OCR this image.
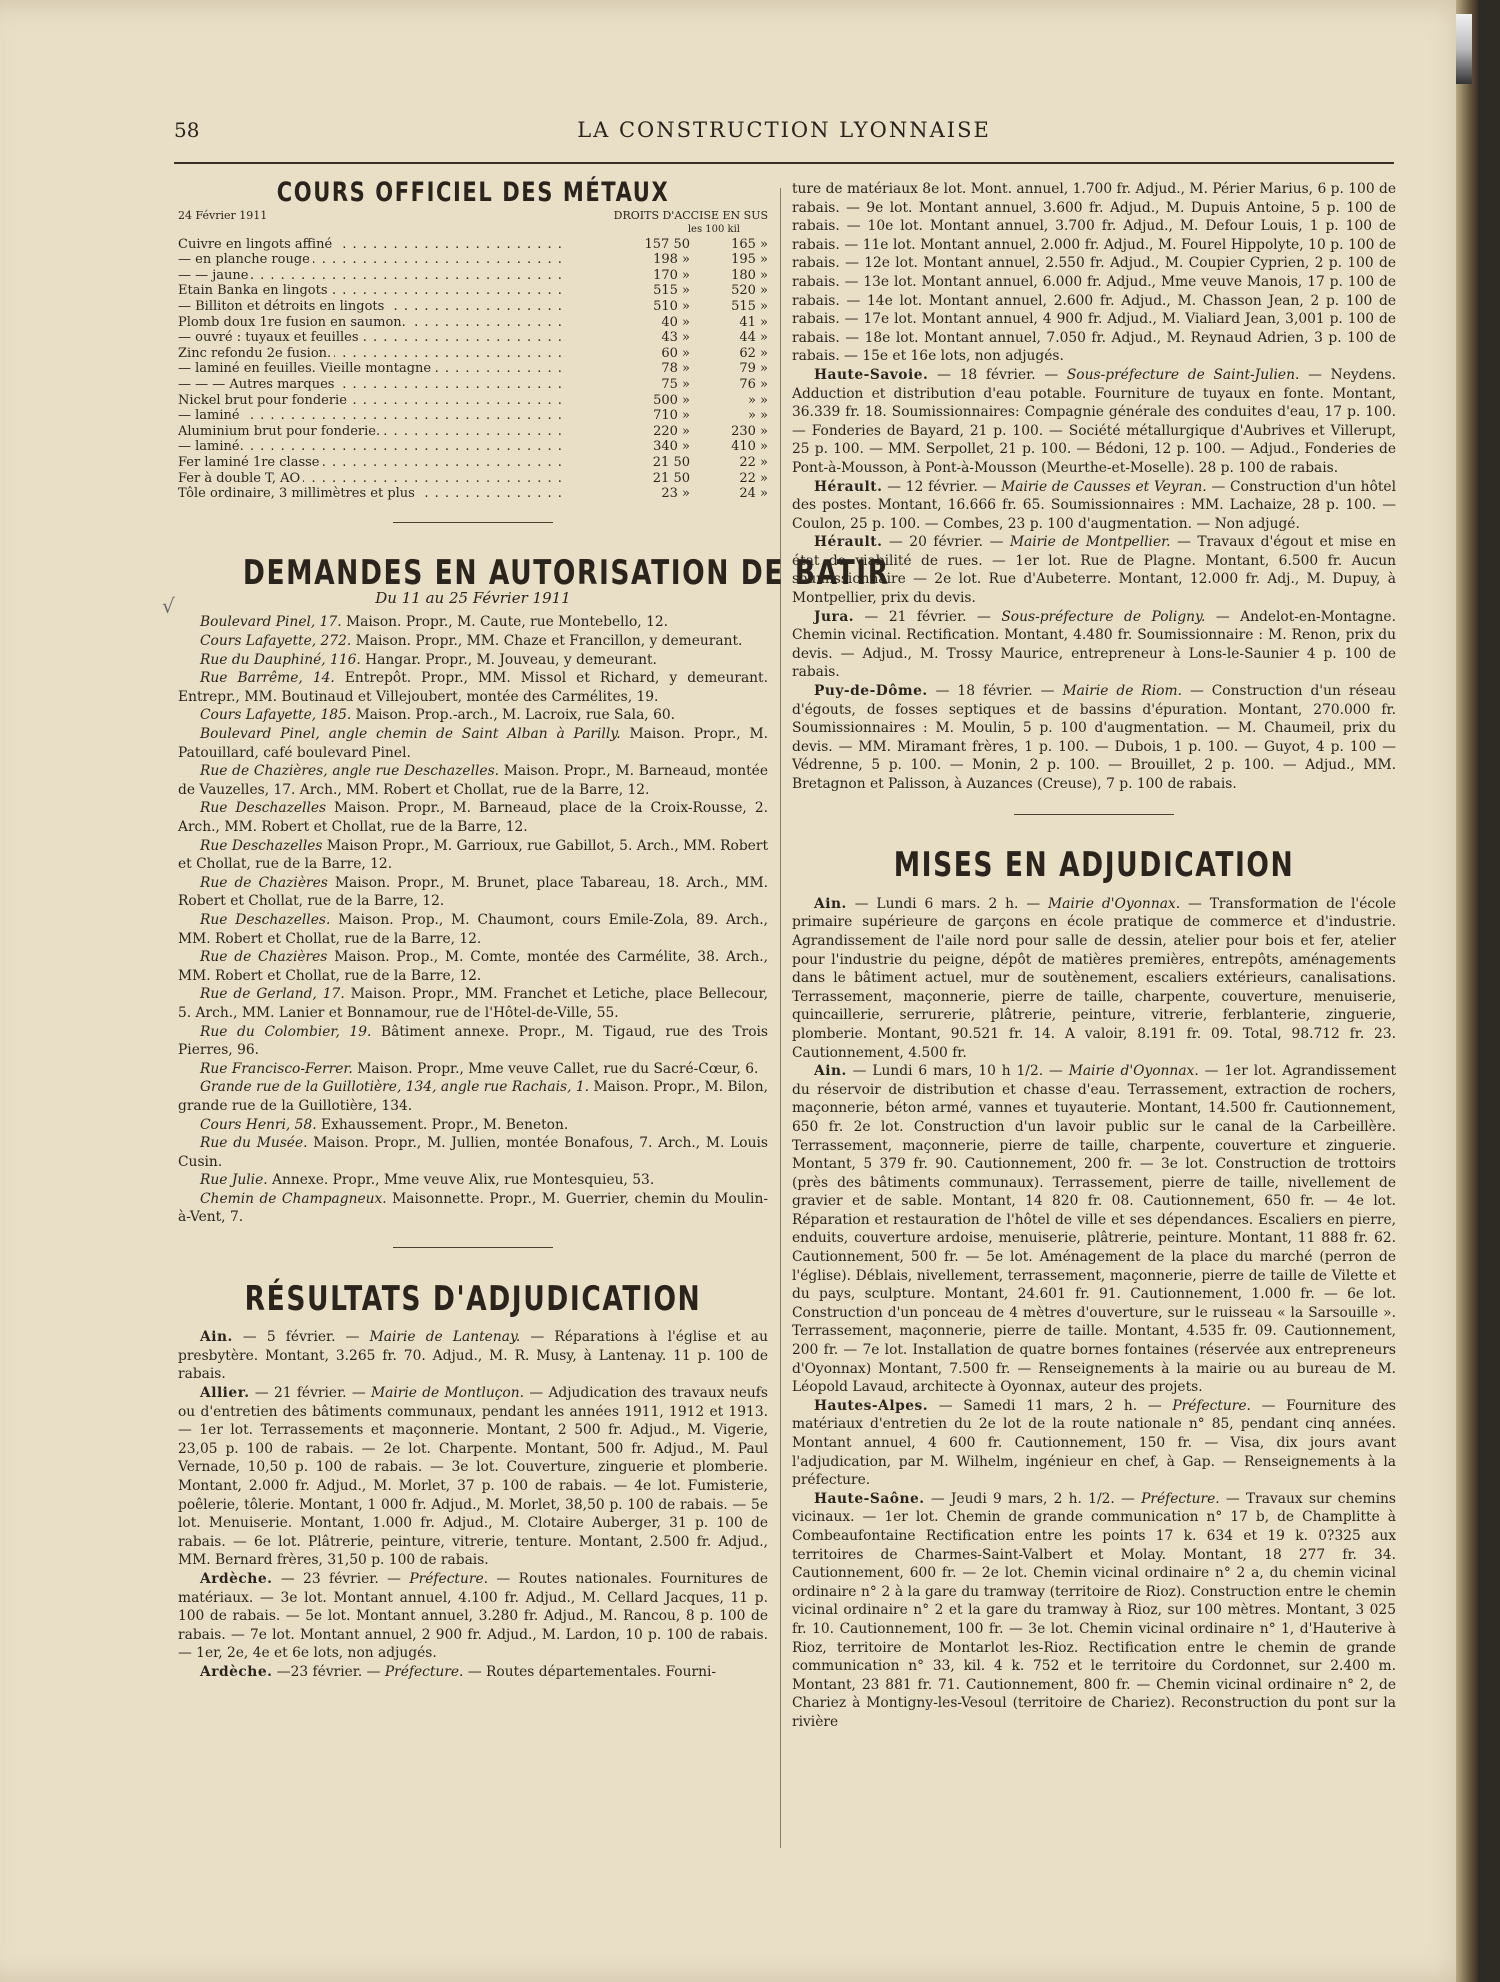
58	LA CONSTRUCTION LYONNAISE
√
COURS OFFICIEL DES MÉTAUX
24 Février 1911	DROITS D'ACCISE EN SUS
les 100 kil
Cuivre en lingots affiné . . .	157 50	165 »
— en planche rouge . . .	198 »	195 »
— — jaune . . .	170 »	180 »
Etain Banka en lingots . . .	515 »	520 »
— Billiton et détroits en lingots . . .	510 »	515 »
Plomb doux 1re fusion en saumon. . . .	40 »	41 »
— ouvré : tuyaux et feuilles . . .	43 »	44 »
Zinc refondu 2e fusion. . . .	60 »	62 »
— laminé en feuilles. Vieille montagne . . .	78 »	79 »
— — — Autres marques . . .	75 »	76 »
Nickel brut pour fonderie . . .	500 »	» »
— laminé . . .	710 »	» »
Aluminium brut pour fonderie. . . .	220 »	230 »
— laminé. . . .	340 »	410 »
Fer laminé 1re classe . . .	21 50	22 »
Fer à double T, AO . . .	21 50	22 »
Tôle ordinaire, 3 millimètres et plus . . .	23 »	24 »
DEMANDES EN AUTORISATION DE BATIR
Du 11 au 25 Février 1911

Boulevard Pinel, 17. Maison. Propr., M. Caute, rue Montebello, 12.

Cours Lafayette, 272. Maison. Propr., MM. Chaze et Francillon, y demeurant.

Rue du Dauphiné, 116. Hangar. Propr., M. Jouveau, y demeurant.

Rue Barrême, 14. Entrepôt. Propr., MM. Missol et Richard, y demeurant. Entrepr., MM. Boutinaud et Villejoubert, montée des Carmélites, 19.

Cours Lafayette, 185. Maison. Prop.-arch., M. Lacroix, rue Sala, 60.

Boulevard Pinel, angle chemin de Saint Alban à Parilly. Maison. Propr., M. Patouillard, café boulevard Pinel.

Rue de Chazières, angle rue Deschazelles. Maison. Propr., M. Barneaud, montée de Vauzelles, 17. Arch., MM. Robert et Chollat, rue de la Barre, 12.

Rue Deschazelles Maison. Propr., M. Barneaud, place de la Croix-Rousse, 2. Arch., MM. Robert et Chollat, rue de la Barre, 12.

Rue Deschazelles Maison Propr., M. Garrioux, rue Gabillot, 5. Arch., MM. Robert et Chollat, rue de la Barre, 12.

Rue de Chazières Maison. Propr., M. Brunet, place Tabareau, 18. Arch., MM. Robert et Chollat, rue de la Barre, 12.

Rue Deschazelles. Maison. Prop., M. Chaumont, cours Emile-Zola, 89. Arch., MM. Robert et Chollat, rue de la Barre, 12.

Rue de Chazières Maison. Prop., M. Comte, montée des Carmélite, 38. Arch., MM. Robert et Chollat, rue de la Barre, 12.

Rue de Gerland, 17. Maison. Propr., MM. Franchet et Letiche, place Bellecour, 5. Arch., MM. Lanier et Bonnamour, rue de l'Hôtel-de-Ville, 55.

Rue du Colombier, 19. Bâtiment annexe. Propr., M. Tigaud, rue des Trois Pierres, 96.

Rue Francisco-Ferrer. Maison. Propr., Mme veuve Callet, rue du Sacré-Cœur, 6.

Grande rue de la Guillotière, 134, angle rue Rachais, 1. Maison. Propr., M. Bilon, grande rue de la Guillotière, 134.

Cours Henri, 58. Exhaussement. Propr., M. Beneton.

Rue du Musée. Maison. Propr., M. Jullien, montée Bonafous, 7. Arch., M. Louis Cusin.

Rue Julie. Annexe. Propr., Mme veuve Alix, rue Montesquieu, 53.

Chemin de Champagneux. Maisonnette. Propr., M. Guerrier, chemin du Moulin-à-Vent, 7.

RÉSULTATS D'ADJUDICATION

Ain. — 5 février. — Mairie de Lantenay. — Réparations à l'église et au presbytère. Montant, 3.265 fr. 70. Adjud., M. R. Musy, à Lantenay. 11 p. 100 de rabais.

Allier. — 21 février. — Mairie de Montluçon. — Adjudication des travaux neufs ou d'entretien des bâtiments communaux, pendant les années 1911, 1912 et 1913. — 1er lot. Terrassements et maçonnerie. Montant, 2 500 fr. Adjud., M. Vigerie, 23,05 p. 100 de rabais. — 2e lot. Charpente. Montant, 500 fr. Adjud., M. Paul Vernade, 10,50 p. 100 de rabais. — 3e lot. Couverture, zinguerie et plomberie. Montant, 2.000 fr. Adjud., M. Morlet, 37 p. 100 de rabais. — 4e lot. Fumisterie, poêlerie, tôlerie. Montant, 1 000 fr. Adjud., M. Morlet, 38,50 p. 100 de rabais. — 5e lot. Menuiserie. Montant, 1.000 fr. Adjud., M. Clotaire Auberger, 31 p. 100 de rabais. — 6e lot. Plâtrerie, peinture, vitrerie, tenture. Montant, 2.500 fr. Adjud., MM. Bernard frères, 31,50 p. 100 de rabais.

Ardèche. — 23 février. — Préfecture. — Routes nationales. Fournitures de matériaux. — 3e lot. Montant annuel, 4.100 fr. Adjud., M. Cellard Jacques, 11 p. 100 de rabais. — 5e lot. Montant annuel, 3.280 fr. Adjud., M. Rancou, 8 p. 100 de rabais. — 7e lot. Montant annuel, 2 900 fr. Adjud., M. Lardon, 10 p. 100 de rabais. — 1er, 2e, 4e et 6e lots, non adjugés.

Ardèche. —23 février. — Préfecture. — Routes départementales. Fourni-

ture de matériaux 8e lot. Mont. annuel, 1.700 fr. Adjud., M. Périer Marius, 6 p. 100 de rabais. — 9e lot. Montant annuel, 3.600 fr. Adjud., M. Dupuis Antoine, 5 p. 100 de rabais. — 10e lot. Montant annuel, 3.700 fr. Adjud., M. Defour Louis, 1 p. 100 de rabais. — 11e lot. Montant annuel, 2.000 fr. Adjud., M. Fourel Hippolyte, 10 p. 100 de rabais. — 12e lot. Montant annuel, 2.550 fr. Adjud., M. Coupier Cyprien, 2 p. 100 de rabais. — 13e lot. Montant annuel, 6.000 fr. Adjud., Mme veuve Manois, 17 p. 100 de rabais. — 14e lot. Montant annuel, 2.600 fr. Adjud., M. Chasson Jean, 2 p. 100 de rabais. — 17e lot. Montant annuel, 4 900 fr. Adjud., M. Vialiard Jean, 3,001 p. 100 de rabais. — 18e lot. Montant annuel, 7.050 fr. Adjud., M. Reynaud Adrien, 3 p. 100 de rabais. — 15e et 16e lots, non adjugés.

Haute-Savoie. — 18 février. — Sous-préfecture de Saint-Julien. — Neydens. Adduction et distribution d'eau potable. Fourniture de tuyaux en fonte. Montant, 36.339 fr. 18. Soumissionnaires: Compagnie générale des conduites d'eau, 17 p. 100. — Fonderies de Bayard, 21 p. 100. — Société métallurgique d'Aubrives et Villerupt, 25 p. 100. — MM. Serpollet, 21 p. 100. — Bédoni, 12 p. 100. — Adjud., Fonderies de Pont-à-Mousson, à Pont-à-Mousson (Meurthe-et-Moselle). 28 p. 100 de rabais.

Hérault. — 12 février. — Mairie de Causses et Veyran. — Construction d'un hôtel des postes. Montant, 16.666 fr. 65. Soumissionnaires : MM. Lachaize, 28 p. 100. — Coulon, 25 p. 100. — Combes, 23 p. 100 d'augmentation. — Non adjugé.

Hérault. — 20 février. — Mairie de Montpellier. — Travaux d'égout et mise en état de viabilité de rues. — 1er lot. Rue de Plagne. Montant, 6.500 fr. Aucun soumissionnaire — 2e lot. Rue d'Aubeterre. Montant, 12.000 fr. Adj., M. Dupuy, à Montpellier, prix du devis.

Jura. — 21 février. — Sous-préfecture de Poligny. — Andelot-en-Montagne. Chemin vicinal. Rectification. Montant, 4.480 fr. Soumissionnaire : M. Renon, prix du devis. — Adjud., M. Trossy Maurice, entrepreneur à Lons-le-Saunier 4 p. 100 de rabais.

Puy-de-Dôme. — 18 février. — Mairie de Riom. — Construction d'un réseau d'égouts, de fosses septiques et de bassins d'épuration. Montant, 270.000 fr. Soumissionnaires : M. Moulin, 5 p. 100 d'augmentation. — M. Chaumeil, prix du devis. — MM. Miramant frères, 1 p. 100. — Dubois, 1 p. 100. — Guyot, 4 p. 100 — Védrenne, 5 p. 100. — Monin, 2 p. 100. — Brouillet, 2 p. 100. — Adjud., MM. Bretagnon et Palisson, à Auzances (Creuse), 7 p. 100 de rabais.

MISES EN ADJUDICATION

Ain. — Lundi 6 mars. 2 h. — Mairie d'Oyonnax. — Transformation de l'école primaire supérieure de garçons en école pratique de commerce et d'industrie. Agrandissement de l'aile nord pour salle de dessin, atelier pour bois et fer, atelier pour l'industrie du peigne, dépôt de matières premières, entrepôts, aménagements dans le bâtiment actuel, mur de soutènement, escaliers extérieurs, canalisations. Terrassement, maçonnerie, pierre de taille, charpente, couverture, menuiserie, quincaillerie, serrurerie, plâtrerie, peinture, vitrerie, ferblanterie, zinguerie, plomberie. Montant, 90.521 fr. 14. A valoir, 8.191 fr. 09. Total, 98.712 fr. 23. Cautionnement, 4.500 fr.

Ain. — Lundi 6 mars, 10 h 1/2. — Mairie d'Oyonnax. — 1er lot. Agrandissement du réservoir de distribution et chasse d'eau. Terrassement, extraction de rochers, maçonnerie, béton armé, vannes et tuyauterie. Montant, 14.500 fr. Cautionnement, 650 fr. 2e lot. Construction d'un lavoir public sur le canal de la Carbeillère. Terrassement, maçonnerie, pierre de taille, charpente, couverture et zinguerie. Montant, 5 379 fr. 90. Cautionnement, 200 fr. — 3e lot. Construction de trottoirs (près des bâtiments communaux). Terrassement, pierre de taille, nivellement de gravier et de sable. Montant, 14 820 fr. 08. Cautionnement, 650 fr. — 4e lot. Réparation et restauration de l'hôtel de ville et ses dépendances. Escaliers en pierre, enduits, couverture ardoise, menuiserie, plâtrerie, peinture. Montant, 11 888 fr. 62. Cautionnement, 500 fr. — 5e lot. Aménagement de la place du marché (perron de l'église). Déblais, nivellement, terrassement, maçonnerie, pierre de taille de Vilette et du pays, sculpture. Montant, 24.601 fr. 91. Cautionnement, 1.000 fr. — 6e lot. Construction d'un ponceau de 4 mètres d'ouverture, sur le ruisseau « la Sarsouille ». Terrassement, maçonnerie, pierre de taille. Montant, 4.535 fr. 09. Cautionnement, 200 fr. — 7e lot. Installation de quatre bornes fontaines (réservée aux entrepreneurs d'Oyonnax) Montant, 7.500 fr. — Renseignements à la mairie ou au bureau de M. Léopold Lavaud, architecte à Oyonnax, auteur des projets.

Hautes-Alpes. — Samedi 11 mars, 2 h. — Préfecture. — Fourniture des matériaux d'entretien du 2e lot de la route nationale n° 85, pendant cinq années. Montant annuel, 4 600 fr. Cautionnement, 150 fr. — Visa, dix jours avant l'adjudication, par M. Wilhelm, ingénieur en chef, à Gap. — Renseignements à la préfecture.

Haute-Saône. — Jeudi 9 mars, 2 h. 1/2. — Préfecture. — Travaux sur chemins vicinaux. — 1er lot. Chemin de grande communication n° 17 b, de Champlitte à Combeaufontaine Rectification entre les points 17 k. 634 et 19 k. 0?325 aux territoires de Charmes-Saint-Valbert et Molay. Montant, 18 277 fr. 34. Cautionnement, 600 fr. — 2e lot. Chemin vicinal ordinaire n° 2 a, du chemin vicinal ordinaire n° 2 à la gare du tramway (territoire de Rioz). Construction entre le chemin vicinal ordinaire n° 2 et la gare du tramway à Rioz, sur 100 mètres. Montant, 3 025 fr. 10. Cautionnement, 100 fr. — 3e lot. Chemin vicinal ordinaire n° 1, d'Hauterive à Rioz, territoire de Montarlot les-Rioz. Rectification entre le chemin de grande communication n° 33, kil. 4 k. 752 et le territoire du Cordonnet, sur 2.400 m. Montant, 23 881 fr. 71. Cautionnement, 800 fr. — Chemin vicinal ordinaire n° 2, de Chariez à Montigny-les-Vesoul (territoire de Chariez). Reconstruction du pont sur la rivière
